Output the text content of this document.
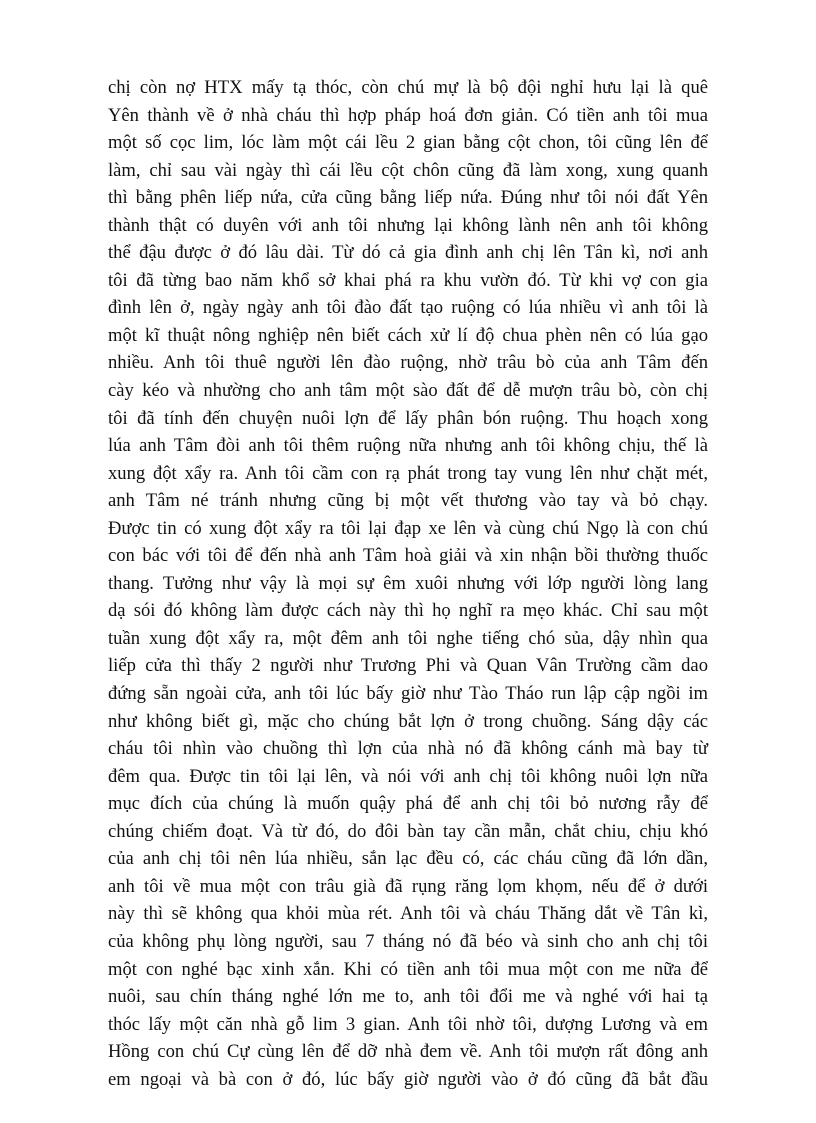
chị còn nợ HTX mấy tạ thóc, còn chú mự là bộ đội nghỉ hưu lại là quê
Yên thành về ở nhà cháu thì hợp pháp hoá đơn giản. Có tiền anh tôi mua
một số cọc lim, lóc làm một cái lều 2 gian bằng cột chon, tôi cũng lên để
làm, chỉ sau vài ngày thì cái lều cột chôn cũng đã làm xong, xung quanh
thì bằng phên liếp nứa, cửa cũng bằng liếp nứa. Đúng như tôi nói đất Yên
thành thật có duyên với anh tôi nhưng lại không lành nên anh tôi không
thể đậu được ở đó lâu dài. Từ dó cả gia đình anh chị lên Tân kì, nơi anh
tôi đã từng bao năm khổ sở khai phá ra khu vườn đó. Từ khi vợ con gia
đình lên ở, ngày ngày anh tôi đào đất tạo ruộng có lúa nhiều vì anh tôi là
một kĩ thuật nông nghiệp nên biết cách xử lí độ chua phèn nên có lúa gạo
nhiều. Anh tôi thuê người lên đào ruộng, nhờ trâu bò của anh Tâm đến
cày kéo và nhường cho anh tâm một sào đất để dễ mượn trâu bò, còn chị
tôi đã tính đến chuyện nuôi lợn để lấy phân bón ruộng. Thu hoạch xong
lúa anh Tâm đòi anh tôi thêm ruộng nữa nhưng anh tôi không chịu, thế là
xung đột xẩy ra. Anh tôi cầm con rạ phát trong tay vung lên như chặt mét,
anh Tâm né tránh nhưng cũng bị một vết thương vào tay và bỏ chạy.
Được tin có xung đột xẩy ra tôi lại đạp xe lên và cùng chú Ngọ là con chú
con bác với tôi để đến nhà anh Tâm hoà giải và xin nhận bồi thường thuốc
thang. Tưởng như vậy là mọi sự êm xuôi nhưng với lớp người lòng lang
dạ sói đó không làm được cách này thì họ nghĩ ra mẹo khác. Chỉ sau một
tuần xung đột xẩy ra, một đêm anh tôi nghe tiếng chó sủa, dậy nhìn qua
liếp cửa thì thấy 2 người như Trương Phi và Quan Vân Trường cầm dao
đứng sẵn ngoài cửa, anh tôi lúc bấy giờ như Tào Tháo run lập cập ngồi im
như không biết gì, mặc cho chúng bắt lợn ở trong chuồng. Sáng dậy các
cháu tôi nhìn vào chuồng thì lợn của nhà nó đã không cánh mà bay từ
đêm qua. Được tin tôi lại lên, và nói với anh chị tôi không nuôi lợn nữa
mục đích của chúng là muốn quậy phá để anh chị tôi bỏ nương rẫy để
chúng chiếm đoạt. Và từ đó, do đôi bàn tay cần mẫn, chắt chiu, chịu khó
của anh chị tôi nên lúa nhiều, sắn lạc đều có, các cháu cũng đã lớn dần,
anh tôi về mua một con trâu già đã rụng răng lọm khọm, nếu để ở dưới
này thì sẽ không qua khỏi mùa rét. Anh tôi và cháu Thăng dắt về Tân kì,
của không phụ lòng người, sau 7 tháng nó đã béo và sinh cho anh chị tôi
một con nghé bạc xinh xắn. Khi có tiền anh tôi mua một con me nữa để
nuôi, sau chín tháng nghé lớn me to, anh tôi đổi me và nghé với hai tạ
thóc lấy một căn nhà gỗ lim 3 gian. Anh tôi nhờ tôi, dượng Lương và em
Hồng con chú Cự cùng lên để dỡ nhà đem về. Anh tôi mượn rất đông anh
em ngoại và bà con ở đó, lúc bấy giờ người vào ở đó cũng đã bắt đầu
